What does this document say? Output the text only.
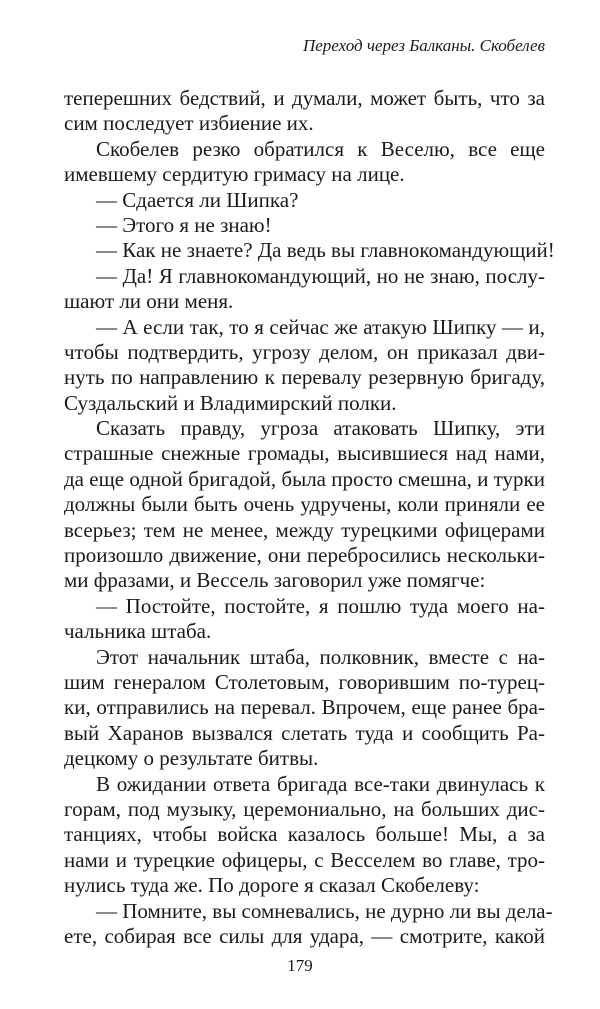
Переход через Балканы. Скобелев
теперешних бедствий, и думали, может быть, что за
сим последует избиение их.
Скобелев резко обратился к Веселю, все еще
имевшему сердитую гримасу на лице.
— Сдается ли Шипка?
— Этого я не знаю!
— Как не знаете? Да ведь вы главнокомандующий!
— Да! Я главнокомандующий, но не знаю, послу-
шают ли они меня.
— А если так, то я сейчас же атакую Шипку — и,
чтобы подтвердить, угрозу делом, он приказал дви-
нуть по направлению к перевалу резервную бригаду,
Суздальский и Владимирский полки.
Сказать правду, угроза атаковать Шипку, эти
страшные снежные громады, высившиеся над нами,
да еще одной бригадой, была просто смешна, и турки
должны были быть очень удручены, коли приняли ее
всерьез; тем не менее, между турецкими офицерами
произошло движение, они перебросились нескольки-
ми фразами, и Вессель заговорил уже помягче:
— Постойте, постойте, я пошлю туда моего на-
чальника штаба.
Этот начальник штаба, полковник, вместе с на-
шим генералом Столетовым, говорившим по-турец-
ки, отправились на перевал. Впрочем, еще ранее бра-
вый Харанов вызвался слетать туда и сообщить Ра-
децкому о результате битвы.
В ожидании ответа бригада все-таки двинулась к
горам, под музыку, церемониально, на больших дис-
танциях, чтобы войска казалось больше! Мы, а за
нами и турецкие офицеры, с Весселем во главе, тро-
нулись туда же. По дороге я сказал Скобелеву:
— Помните, вы сомневались, не дурно ли вы дела-
ете, собирая все силы для удара, — смотрите, какой
179
